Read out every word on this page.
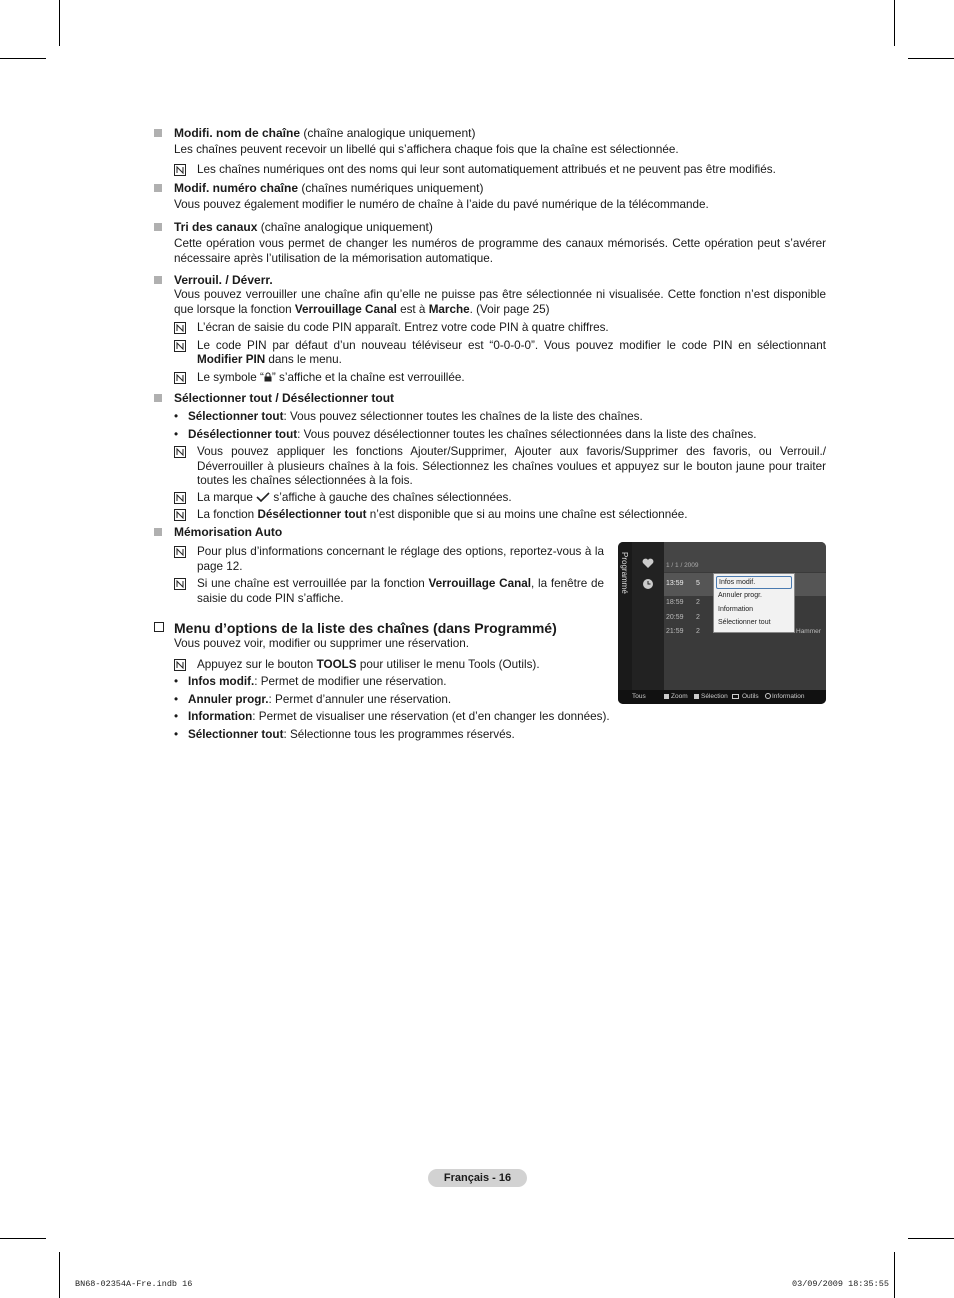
Modifi. nom de chaîne (chaîne analogique uniquement)
Les chaînes peuvent recevoir un libellé qui s’affichera chaque fois que la chaîne est sélectionnée.
Les chaînes numériques ont des noms qui leur sont automatiquement attribués et ne peuvent pas être modifiés.
Modif. numéro chaîne (chaînes numériques uniquement)
Vous pouvez également modifier le numéro de chaîne à l’aide du pavé numérique de la télécommande.
Tri des canaux (chaîne analogique uniquement)
Cette opération vous permet de changer les numéros de programme des canaux mémorisés. Cette opération peut s’avérer nécessaire après l’utilisation de la mémorisation automatique.
Verrouil. / Déverr.
Vous pouvez verrouiller une chaîne afin qu’elle ne puisse pas être sélectionnée ni visualisée. Cette fonction n’est disponible que lorsque la fonction Verrouillage Canal est à Marche. (Voir page 25)
L’écran de saisie du code PIN apparaît. Entrez votre code PIN à quatre chiffres.
Le code PIN par défaut d’un nouveau téléviseur est “0-0-0-0”. Vous pouvez modifier le code PIN en sélectionnant Modifier PIN dans le menu.
Le symbole “ ” s’affiche et la chaîne est verrouillée.
Sélectionner tout / Désélectionner tout
• Sélectionner tout: Vous pouvez sélectionner toutes les chaînes de la liste des chaînes.
• Désélectionner tout: Vous pouvez désélectionner toutes les chaînes sélectionnées dans la liste des chaînes.
Vous pouvez appliquer les fonctions Ajouter/Supprimer, Ajouter aux favoris/Supprimer des favoris, ou Verrouil./ Déverrouiller à plusieurs chaînes à la fois. Sélectionnez les chaînes voulues et appuyez sur le bouton jaune pour traiter toutes les chaînes sélectionnées à la fois.
La marque  s’affiche à gauche des chaînes sélectionnées.
La fonction Désélectionner tout n’est disponible que si au moins une chaîne est sélectionnée.
Mémorisation Auto
Pour plus d’informations concernant le réglage des options, reportez-vous à la page 12.
Si une chaîne est verrouillée par la fonction Verrouillage Canal, la fenêtre de saisie du code PIN s’affiche.
Menu d’options de la liste des chaînes (dans Programmé)
Vous pouvez voir, modifier ou supprimer une réservation.
Appuyez sur le bouton TOOLS pour utiliser le menu Tools (Outils).
• Infos modif.: Permet de modifier une réservation.
• Annuler progr.: Permet d’annuler une réservation.
• Information: Permet de visualiser une réservation (et d’en changer les données).
• Sélectionner tout: Sélectionne tous les programmes réservés.
Programmé	1 / 1 / 2009
13:59 5
18:59 2
20:59 2
21:59 2	Hammer
Infos modif.
Annuler progr.
Information
Sélectionner tout
Tous	Zoom Sélection Outils Information
Français - 16
BN68-02354A-Fre.indb 16	03/09/2009 18:35:55
